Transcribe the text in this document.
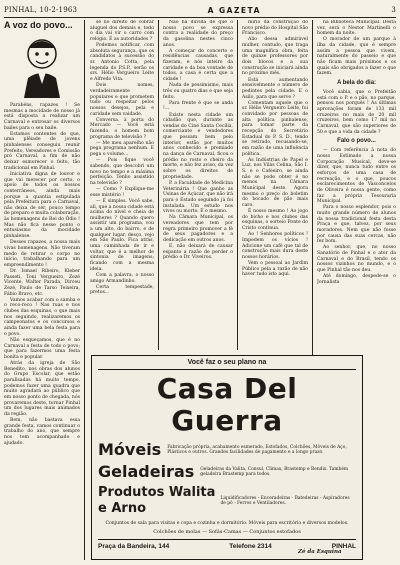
PINHAL, 10-2-1963	A GAZETA	3
A voz do povo...

Parabéns, rapazes ! Se mesmas a mocidade de nosso já está disposta a realizar um Carnaval e entrosar os diversos bailes para o seu baile.

Estamos contentes de que, uma plêiade de jovens pinhalenses conseguiu reunir Prefeito, Vereadores e Comissão pró Carnaval, a fim de não deixar esmorecer o feito, tão tradicional em Pinhal.

Iniciativa digna de louvor e que vai merecer por certo, o apoio de todos os nossos conterrâneos, ainda mais porque a quantia estipulada pela Prefeitura para o Carnaval, não deixa de ser, pouco tempo de preparo e muita colaboração, às homenagens do Rei do Ódio ! Mas não fica nesse ponto o entusiasmo da mocidade pinhalense.

Desses rapazes, a nossa mais vivas homenagens. Não tiveram medo de retirar o corpo no início, trabalhando para um empreendimento !

Dr. Ismael Ribeiro, Kleber Passeti, Toni Vergueiro, Zezé Vicente, Walter Parada, Dirceu Zezé, Paulo de Tarso Teixeira, Fábio Bravo, etc.

Vamos acabar com o samba e o reco-reco ! Nas ruas e nos clubes das esquinas, o que mais nos seguindo, realizaremos os campeonatos e os concursos e ainda fazer uma bela festa para o povo.

Não esqueçamos, que é no Carnaval a festa de todo o povo; que para fazermos uma festa bonita e popular.

Atrás da igreja de São Benedito, nos obras dos alunos do Grupo Escolar, que estão paralisadas há muito tempo, podemos fazer uma quadra que muito agradará ao público que em nosso ponto de chegada, nós provaremos deste, tornar Pinhal um dos lugares mais animados da região.

Bem, não bastava essa grande festa, vamos continuar o trabalho do ano, que sempre nos tem acompanhado e ajudado.

se no direito de cobrar aluguel dos demais e, todo o dia vai vir o carro com relógio. É as autoridades ?

Podemos notificar, com absoluta segurança, que os candidatos à sucessão do sr. Antonio Cotta, pela legenda do P.S.P., serão os srs. Hélio Vergueiro Leite e Alfredo Vita.

Dois nomes, verdadeiramente populares e que prometem tudo ou respeitar pelos nossos desejos, pela e caridade sem vaidade.

Conversa, à porta do Mercado — Você está fazendo, o homem bom programa de televisão ?

— Me meu aparelho não pega programa nenhum. E pega o volume...

— Pois fique você sabendo, que descobri um novo no tempo e a máxima perfeição. Tenho assistido na televisão ?

— Como ? Explique-me esse mistério !

— É simples. Você sabe, ali, que a nossa cidade está acima do nível e cheia de mulheres ? Quando quero assistir um programa, vou a um alto, do bairro, e de qualquer lugar, desço, vejo em São Paulo. Fica atrás, uma caminhada de ir e voltar, que é a melhor de sintonia de imagens; ficando com a mesma ideia.

Com a palavra, o nosso amigo Armandinho.

Certa tempestade, pretos...

Não há dúvida de que o nosso povo se expressa contra a realidade do preço da gasolina nestes cinco anos.

A começar do concerto e residências causadas, que fizeram, e nós inteiro da caridade e da boa vontade de todos, a casa é certa que a cidade !

Nada de pessimismo, mais três ou quatro dias e que seja feito.

Para frente é que se anda !...

Existe nesta cidade um cidadão que, durante as vendas do Cine Santa Cecília, comerciante e vendedores que possam bem pelo interior, estão por muitos anos conhecido e premiado na dança de Carnaval, ficou o prédio no rosto e cheiro da morte, e não fez aviso, da vez sobre os direitos de propriedade.

P. a Faculdade de Medicina Veterinária ! Que ganho as Usinas de Açúcar, que não irá para o Estado seguindo já foi instalada. Um estudo nos vivos ou morto. É o mesmo.

Na Câmara Municipal, os vereadores que tem por regra primeiro promover a fé de seus pagadores e a dedicação em outros anos.

E, não deixará de causar espanto a razão de perder o prédio o Dr. Viveiros.

mírio da construção do novo prédio do Hospital São Francisco.

Alio dessa admirável mulher, contudo, que traga uma magnífica obra, feita de quinze professores por dois blocos e a sua construção se iniciará ainda no próximo mês.

Está aumentando sensivelmente o número de pedintes pela cidade. E o Asilo, para que serve ?

Comentam aquele que o sr. Hélio Vergueiro Leite, foi convidado por pessoas de alta política pinhalense, para tomar parte da recepção do Secretário Estadual do P. S. D., tendo se retirado, recusando-se, em razão de uma influência política.

As Indústrias de Papel e Luz, nos Vilas Celina, São I. S. e o Cafeeiro, se ainda não se pode obter é no menos na Câmara Municipal deste. Agora mesmo o preço do boletim do bocado de pão mais caro.

É nosso mesmo ! Ao jogo do bicho e nos clubes das esquinas, o sorteio Ponte do Cristo continua.

Ao ! Senhores políticos ! Impedem os vícios ! Adicione um café que tal de construção mais dura deste nossos horários.

Vem o pessoal ao Jardim Público pela a razão de não haver tudo isto aqui.

na Biblioteca Municipal. Desta vez, será o Nestor Martinelli o homem da noite.

O morador de um parque à ilha da cidade, que é sempre assim a pessoa que vivem, naturalmente do passeio e que não ficam mais próximos e os quais são obrigados a fazer o que fazem.

A bela do dia:

Você sabia, que o Prefeitão está com o P. e o pão, no parque, pensou nos porquês ! As últimas aprovações foram de 133 mil cruzeiros no mais de 20 mil cruzeiros, bem como 17 mil no Carnaval, que são superiores de 50 e que a vida da cidade ?

Falo o povo...

— Com referência à nota do nosso Estimado a nossa Corporação Musical, deve-se dizer, que, nunca tudo entre os esforços de uma casa de recreação, e o que, poucos esclarecimentos de Vasconcelos de Oliveira é nossa gente, como faz a própria Tesouraria Municipal.

Para o nosso esplendor, pois o muito grande número de alunos da nossa tradicional festa desta Praça e que, talvez, por seus moradores. Nem que não fosse por causa das suas cercas, não fez bom.

Ao senhor, que, no nosso Sanatório de Pinhal e o ator da Carnaval e do Brasil, tendo os nossos vizinhos no mundo, e o que Pinhal tão nos deu.

Até domingo, despede-se o Jornalista

Você faz o seu plano na
Casa Del Guerra
Móveis Fabricação própria, acabamento esmerado, Estofados, Colchões, Móveis de Aço, Plásticos e outros. Grandes facilidades de pagamento e a longo prazo.
Geladeiras Geladeiras da Valita, Consul, Climax, Brastemp e Bendix. Também geladeira Brastemp para todos.
Produtos Walita e Arno
Liquidificadores - Enceradeiras - Batedeiras - Aspiradores de pó - Ferros e Ventiladores.
Conjuntos de sala para visitas e copa e cozinha e dormitório. Móveis para escritório e diversos modelos.
Colchões de molas — Sofás-Camas — Conjuntos estofados
Praça da Bandeira, 144	Telefone 2314	PINHAL
Zé da Esquina
